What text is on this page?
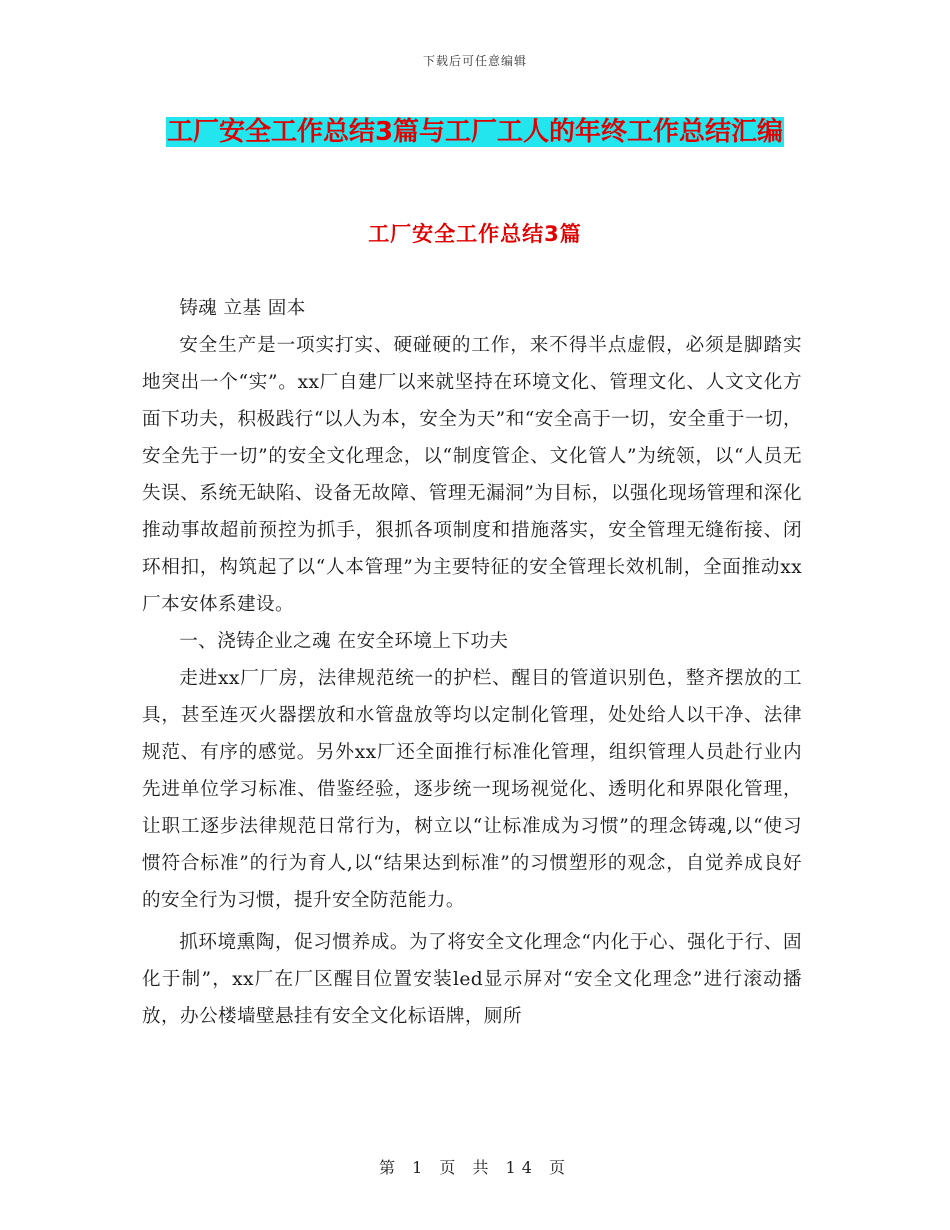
下载后可任意编辑
工厂安全工作总结3篇与工厂工人的年终工作总结汇编
工厂安全工作总结3篇

铸魂 立基 固本

安全生产是一项实打实、硬碰硬的工作，来不得半点虚假，必须是脚踏实地突出一个“实”。xx厂自建厂以来就坚持在环境文化、管理文化、人文文化方面下功夫，积极践行“以人为本，安全为天”和“安全高于一切，安全重于一切，安全先于一切”的安全文化理念，以“制度管企、文化管人”为统领，以“人员无失误、系统无缺陷、设备无故障、管理无漏洞”为目标，以强化现场管理和深化推动事故超前预控为抓手，狠抓各项制度和措施落实，安全管理无缝衔接、闭环相扣，构筑起了以“人本管理”为主要特征的安全管理长效机制，全面推动xx厂本安体系建设。

一、浇铸企业之魂 在安全环境上下功夫

走进xx厂厂房，法律规范统一的护栏、醒目的管道识别色，整齐摆放的工具，甚至连灭火器摆放和水管盘放等均以定制化管理，处处给人以干净、法律规范、有序的感觉。另外xx厂还全面推行标准化管理，组织管理人员赴行业内先进单位学习标准、借鉴经验，逐步统一现场视觉化、透明化和界限化管理，让职工逐步法律规范日常行为，树立以“让标准成为习惯”的理念铸魂,以“使习惯符合标准”的行为育人,以“结果达到标准”的习惯塑形的观念，自觉养成良好的安全行为习惯，提升安全防范能力。

抓环境熏陶，促习惯养成。为了将安全文化理念“内化于心、强化于行、固化于制”，xx厂在厂区醒目位置安装led显示屏对“安全文化理念”进行滚动播放，办公楼墙壁悬挂有安全文化标语牌，厕所

第 1 页 共 14 页
